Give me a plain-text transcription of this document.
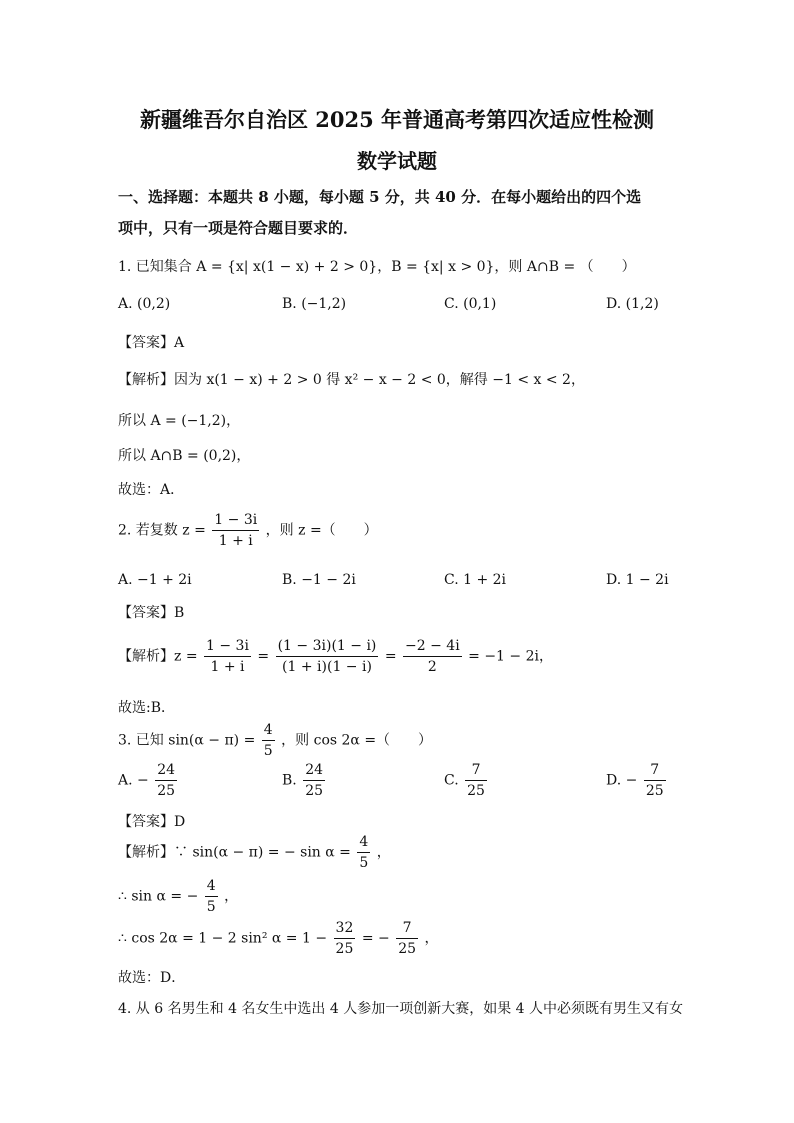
新疆维吾尔自治区 2025 年普通高考第四次适应性检测
数学试题
一、选择题：本题共 8 小题，每小题 5 分，共 40 分．在每小题给出的四个选
项中，只有一项是符合题目要求的．
1. 已知集合 A = {x| x(1 − x) + 2 > 0}，B = {x| x > 0}，则 A∩B = （　　）
A. (0,2)	B. (−1,2)	C. (0,1)	D. (1,2)
【答案】A
【解析】因为 x(1 − x) + 2 > 0 得 x² − x − 2 < 0，解得 −1 < x < 2，
所以 A = (−1,2)，
所以 A∩B = (0,2)，
故选：A．
2. 若复数 $z = \frac{1 - 3i}{1 + i}$ ，则 z =（　　）
A. −1 + 2i	B. −1 − 2i	C. 1 + 2i	D. 1 − 2i
【答案】B
【解析】$z = \frac{1 - 3i}{1 + i} = \frac{(1 - 3i)(1 - i)}{(1 + i)(1 - i)} = \frac{-2 - 4i}{2} = -1 - 2i$，
故选:B．
3. 已知 $\sin(\alpha - \pi) = \frac{4}{5}$ ，则 cos 2α =（　　）
A. − $\frac{24}{25}$	B. $\frac{24}{25}$	C. $\frac{7}{25}$	D. − $\frac{7}{25}$
【答案】D
【解析】∵ sin(α − π) = − $\sin \alpha = \frac{4}{5}$ ，
∴ sin α = − $\frac{4}{5}$ ，
∴ cos 2α = 1 − 2 sin² $\alpha = 1 - \frac{32}{25}$ = − $\frac{7}{25}$ ，
故选：D．
4. 从 6 名男生和 4 名女生中选出 4 人参加一项创新大赛，如果 4 人中必须既有男生又有女
